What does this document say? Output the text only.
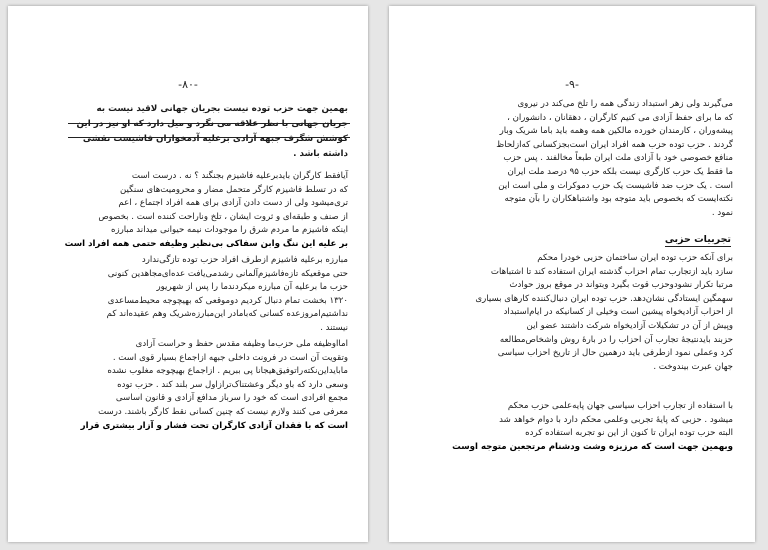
-۸۰-

بهمین جهت حزب توده نیست بجریان جهانی لاقید نیست به

جریان جهانی با نظر علاقه می نگرد و میل دارد که او نیز در این

کوشش شگرف جبهه آزادی برعلیه آدمخواران فاشیست نقشی

داشته باشد .

آیافقط کارگران بایدبرعلیه فاشیزم بجنگند ؟ نه . درست است

که در تسلط فاشیزم کارگر متحمل مضار و محرومیت‌های سنگین

تری‌میشود ولی از دست دادن آزادی برای همه افراد اجتماع ، اعم

از صنف و طبقه‌ای و ثروت ایشان ، تلخ وناراحت کننده است . بخصوص

اینکه فاشیزم ما مردم شرق را موجودات نیمه حیوانی میداند مبارزه

بر علیه این ننگ وابن سفاکی بی‌نظیر وظیفه حتمی همه افراد است

مبارزه برعلیه فاشیزم ازطرف افراد حزب توده تازگی‌ندارد

حتی موقعیکه تازه‌فاشیزم‌آلمانی رشدمی‌یافت عده‌ای‌مجاهدین کنونی

حزب ما برعلیه آن مبارزه میکردندما را پس از شهریور

۱۳۲۰ بخشت تمام دنبال کردیم دوموقعی که بهیچوجه محیط‌مساعدی

نداشتیم‌امروزعده کسانی که‌بامادر این‌مبارزه‌شریک وهم عقیده‌اند کم

نیستند .

امااوظیفه ملی حزب‌ما وظیفه مقدس حفظ و حراست آزادی

وتقویت آن است در فرونت داخلی جبهه ازاجماع بسیار قوی است .

مابایداین‌نکته‌راتوفیق‌هیجانا پی ببریم . ازاجماع بهیچوجه مغلوب نشده

وسعی دارد که باو دیگر وعشتناک‌ترازاول سر بلند کند . حزب توده

مجمع افرادی است که خود را سرباز مدافع آزادی و قانون اساسی

معرفی می کنند ولازم نیست که چنین کسانی نقط کارگر باشند. درست

است که با فقدان آزادی کارگران تحت فشار و آزار بیشتری قرار

-۹-

می‌گیرند ولی زهر استبداد زندگی همه را تلخ می‌کند در نیرو‌ی

که ما برای حفظ آزادی می کنیم کارگران ، دهقانان ، دانشوران ،

پیشه‌وران ، کارمندان خورده مالکین همه وهمه باید باما شریک وبار

گردند . حزب توده حزب همه افراد ایران است‌بجزکسانی که‌ازلحاظ

منافع خصوصی خود با آزادی ملت ایران طبعاً مخالفند . پس حزب

ما فقط یک حزب کارگری نیست بلکه حزب ۹۵ درصد ملت ایران

است . یک حزب ضد فاشیست یک حزب دموکرات و ملی است این

نکته‌ایست که بخصوص باید متوجه بود واشتباهکاران را بآن متوجه

نمود .

تجربیات حزبی

برای آنکه حزب توده ایران ساختمان حزبی خودرا محکم

سازد باید ازتجارب تمام احزاب گذشته ایران استفاده کند تا اشتباهات

مرتبا تکرار نشودوحزب قوت بگیرد وبتواند در موقع بروز حوادث

سهمگین ایستادگی نشان‌دهد. حزب توده ایران دنبال‌کننده کارهای بسیاری

از احزاب آزادیخواه پیشین است وخیلی از کسانیکه در ایام‌استبداد

وپیش از آن در تشکیلات آزادیخواه شرکت داشتند عضو این

حزبند بایدنتیجهٔ تجارب آن احزاب را در بارهٔ روش واشخاص‌مطالعه

کرد وعملی نمود ازطرفی باید درهمین حال از تاریخ احزاب سیاسی

جهان عبرت بیندوخت .

با استفاده از تجارب احزاب سیاسی جهان پایه‌علمی حزب محکم

میشود . حزبی که پایهٔ تجربی وعلمی محکم دارد با دوام خواهد شد

البته حزب توده ایران تا کنون از این نو تجربه استفاده کرده

وبهمین جهت است که مرزیزه وشت ودشنام مرتجعین متوجه اوست
